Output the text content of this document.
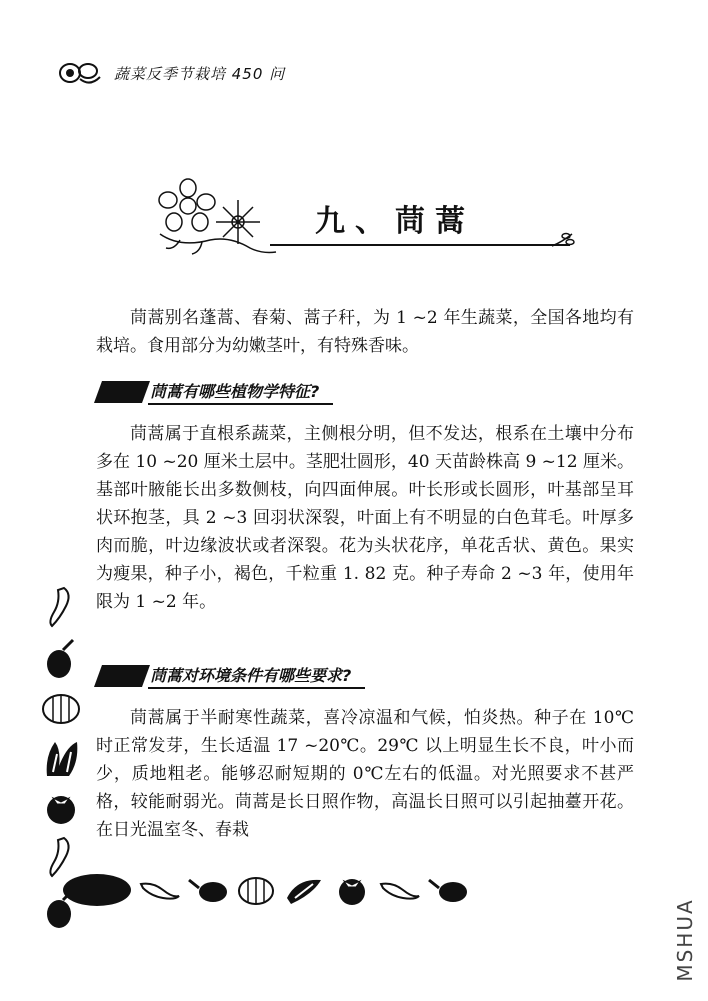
蔬菜反季节栽培 450 问
九、茼蒿

茼蒿别名蓬蒿、春菊、蒿子秆，为 1 ~2 年生蔬菜，全国各地均有栽培。食用部分为幼嫩茎叶，有特殊香味。

茼蒿有哪些植物学特征?

茼蒿属于直根系蔬菜，主侧根分明，但不发达，根系在土壤中分布多在 10 ~20 厘米土层中。茎肥壮圆形，40 天苗龄株高 9 ~12 厘米。基部叶腋能长出多数侧枝，向四面伸展。叶长形或长圆形，叶基部呈耳状环抱茎，具 2 ~3 回羽状深裂，叶面上有不明显的白色茸毛。叶厚多肉而脆，叶边缘波状或者深裂。花为头状花序，单花舌状、黄色。果实为瘦果，种子小，褐色，千粒重 1. 82 克。种子寿命 2 ~3 年，使用年限为 1 ~2 年。

茼蒿对环境条件有哪些要求?

茼蒿属于半耐寒性蔬菜，喜冷凉温和气候，怕炎热。种子在 10℃时正常发芽，生长适温 17 ~20℃。29℃ 以上明显生长不良，叶小而少，质地粗老。能够忍耐短期的 0℃左右的低温。对光照要求不甚严格，较能耐弱光。茼蒿是长日照作物，高温长日照可以引起抽薹开花。在日光温室冬、春栽

MSHUA
